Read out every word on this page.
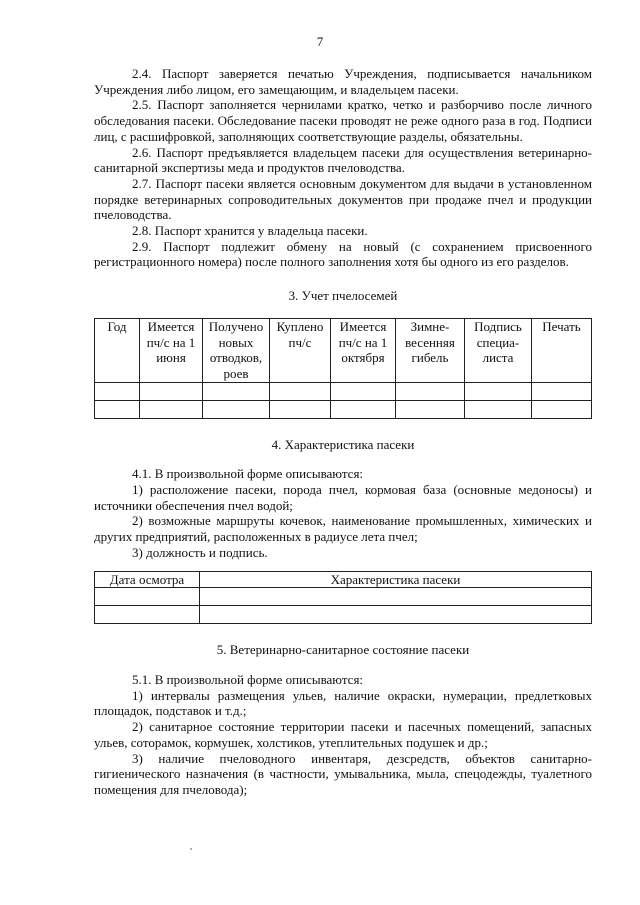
7

2.4. Паспорт заверяется печатью Учреждения, подписывается начальником Учреждения либо лицом, его замещающим, и владельцем пасеки.

2.5. Паспорт заполняется чернилами кратко, четко и разборчиво после личного обследования пасеки. Обследование пасеки проводят не реже одного раза в год. Подписи лиц, с расшифровкой, заполняющих соответствующие разделы, обязательны.

2.6. Паспорт предъявляется владельцем пасеки для осуществления ветеринарно-санитарной экспертизы меда и продуктов пчеловодства.

2.7. Паспорт пасеки является основным документом для выдачи в установленном порядке ветеринарных сопроводительных документов при продаже пчел и продукции пчеловодства.

2.8. Паспорт хранится у владельца пасеки.

2.9. Паспорт подлежит обмену на новый (с сохранением присвоенного регистрационного номера) после полного заполнения хотя бы одного из его разделов.

3. Учет пчелосемей

Год	Имеется пч/с на 1 июня	Получено новых отводков, роев	Куплено пч/с	Имеется пч/с на 1 октября	Зимне-весенняя гибель	Подпись специа-листа	Печать

4. Характеристика пасеки

4.1. В произвольной форме описываются:

1) расположение пасеки, порода пчел, кормовая база (основные медоносы) и источники обеспечения пчел водой;

2) возможные маршруты кочевок, наименование промышленных, химических и других предприятий, расположенных в радиусе лета пчел;

3) должность и подпись.

Дата осмотра	Характеристика пасеки

5. Ветеринарно-санитарное состояние пасеки

5.1. В произвольной форме описываются:

1) интервалы размещения ульев, наличие окраски, нумерации, предлетковых площадок, подставок и т.д.;

2) санитарное состояние территории пасеки и пасечных помещений, запасных ульев, соторамок, кормушек, холстиков, утеплительных подушек и др.;

3) наличие пчеловодного инвентаря, дезсредств, объектов санитарно-гигиенического назначения (в частности, умывальника, мыла, спецодежды, туалетного помещения для пчеловода);
